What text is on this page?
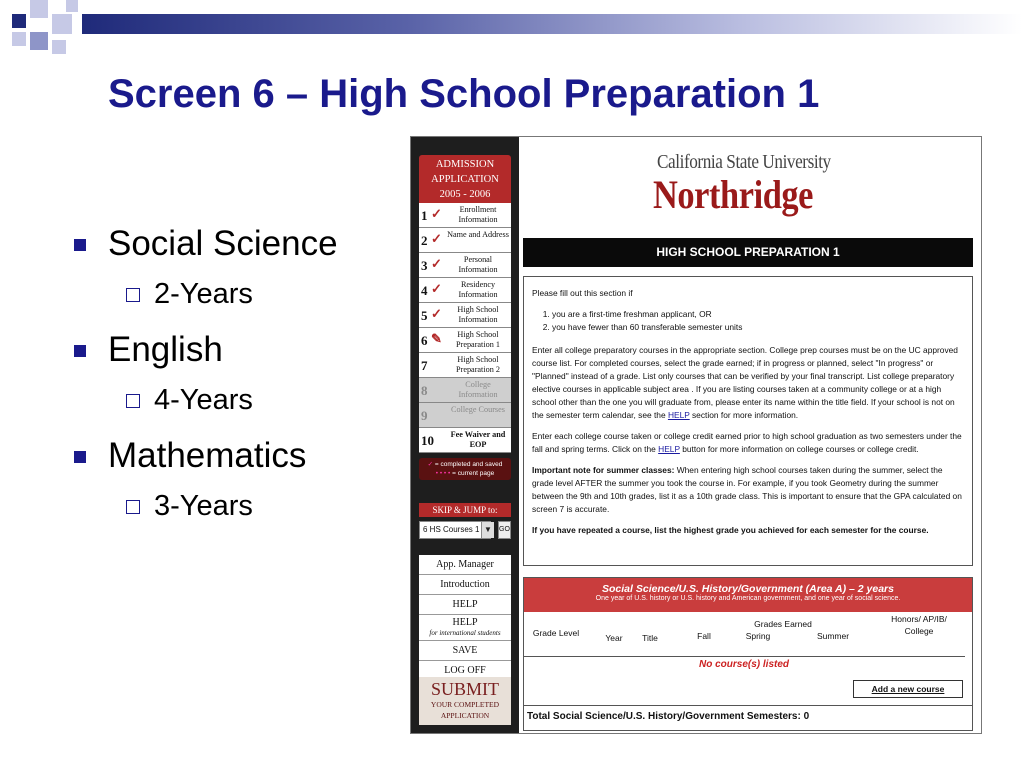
Screen 6 – High School Preparation 1
Social Science
2-Years
English
4-Years
Mathematics
3-Years
ADMISSION
APPLICATION
2005 - 2006
1 ✓	Enrollment Information
2 ✓ Name and Address
3 ✓	Personal Information
4 ✓	Residency Information
5 ✓	High School Information
6 ✎	High School Preparation 1
7	High School Preparation 2
8	College Information
9	College Courses
10	Fee Waiver and EOP
✓ = completed and saved
• • • • = current page
SKIP & JUMP to:
6 HS Courses 1 ▼ GO
App. Manager
Introduction
HELP
HELP
for international students
SAVE
LOG OFF
SUBMIT
YOUR COMPLETED
APPLICATION
California State University
Northridge
HIGH SCHOOL PREPARATION 1

Please fill out this section if

1. you are a first-time freshman applicant, OR
2. you have fewer than 60 transferable semester units

Enter all college preparatory courses in the appropriate section. College prep courses must be on the UC approved course list. For completed courses, select the grade earned; if in progress or planned, select "In progress" or "Planned" instead of a grade. List only courses that can be verified by your final transcript. List college preparatory elective courses in applicable subject area . If you are listing courses taken at a community college or at a high school other than the one you will graduate from, please enter its name within the title field. If your school is not on the semester term calendar, see the HELP section for more information.

Enter each college course taken or college credit earned prior to high school graduation as two semesters under the fall and spring terms. Click on the HELP button for more information on college courses or college credit.

Important note for summer classes: When entering high school courses taken during the summer, select the grade level AFTER the summer you took the course in. For example, if you took Geometry during the summer between the 9th and 10th grades, list it as a 10th grade class. This is important to ensure that the GPA calculated on screen 7 is accurate.

If you have repeated a course, list the highest grade you achieved for each semester for the course.

Social Science/U.S. History/Government (Area A) – 2 years
One year of U.S. history or U.S. history and American government, and one year of social science.
Grades Earned
Grade Level	Year	Title	Fall	Spring	Summer
Honors/ AP/IB/ College
No course(s) listed
Add a new course
Total Social Science/U.S. History/Government Semesters: 0
